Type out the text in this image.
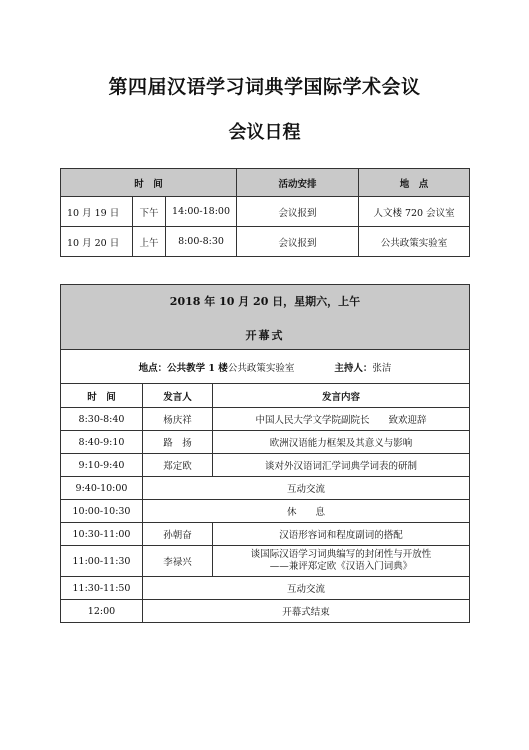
第四届汉语学习词典学国际学术会议
会议日程
时　间			活动安排	地　点
10 月 19 日	下午	14:00-18:00	会议报到	人文楼 720 会议室
10 月 20 日	上午	8:00-8:30	会议报到	公共政策实验室
2018 年 10 月 20 日，星期六，上午
开幕式		

地点：公共教学 1 楼公共政策实验室 主持人：张洁		
时　间	发言人	发言内容
8:30-8:40	杨庆祥	中国人民大学文学院副院长　　致欢迎辞
8:40-9:10	路　扬	欧洲汉语能力框架及其意义与影响
9:10-9:40	郑定欧	谈对外汉语词汇学词典学词表的研制
9:40-10:00	互动交流	
10:00-10:30	休　　息	
10:30-11:00	孙朝奋	汉语形容词和程度副词的搭配
11:00-11:30	李禄兴	谈国际汉语学习词典编写的封闭性与开放性
——兼评郑定欧《汉语入门词典》

11:30-11:50	互动交流	
12:00	开幕式结束	
